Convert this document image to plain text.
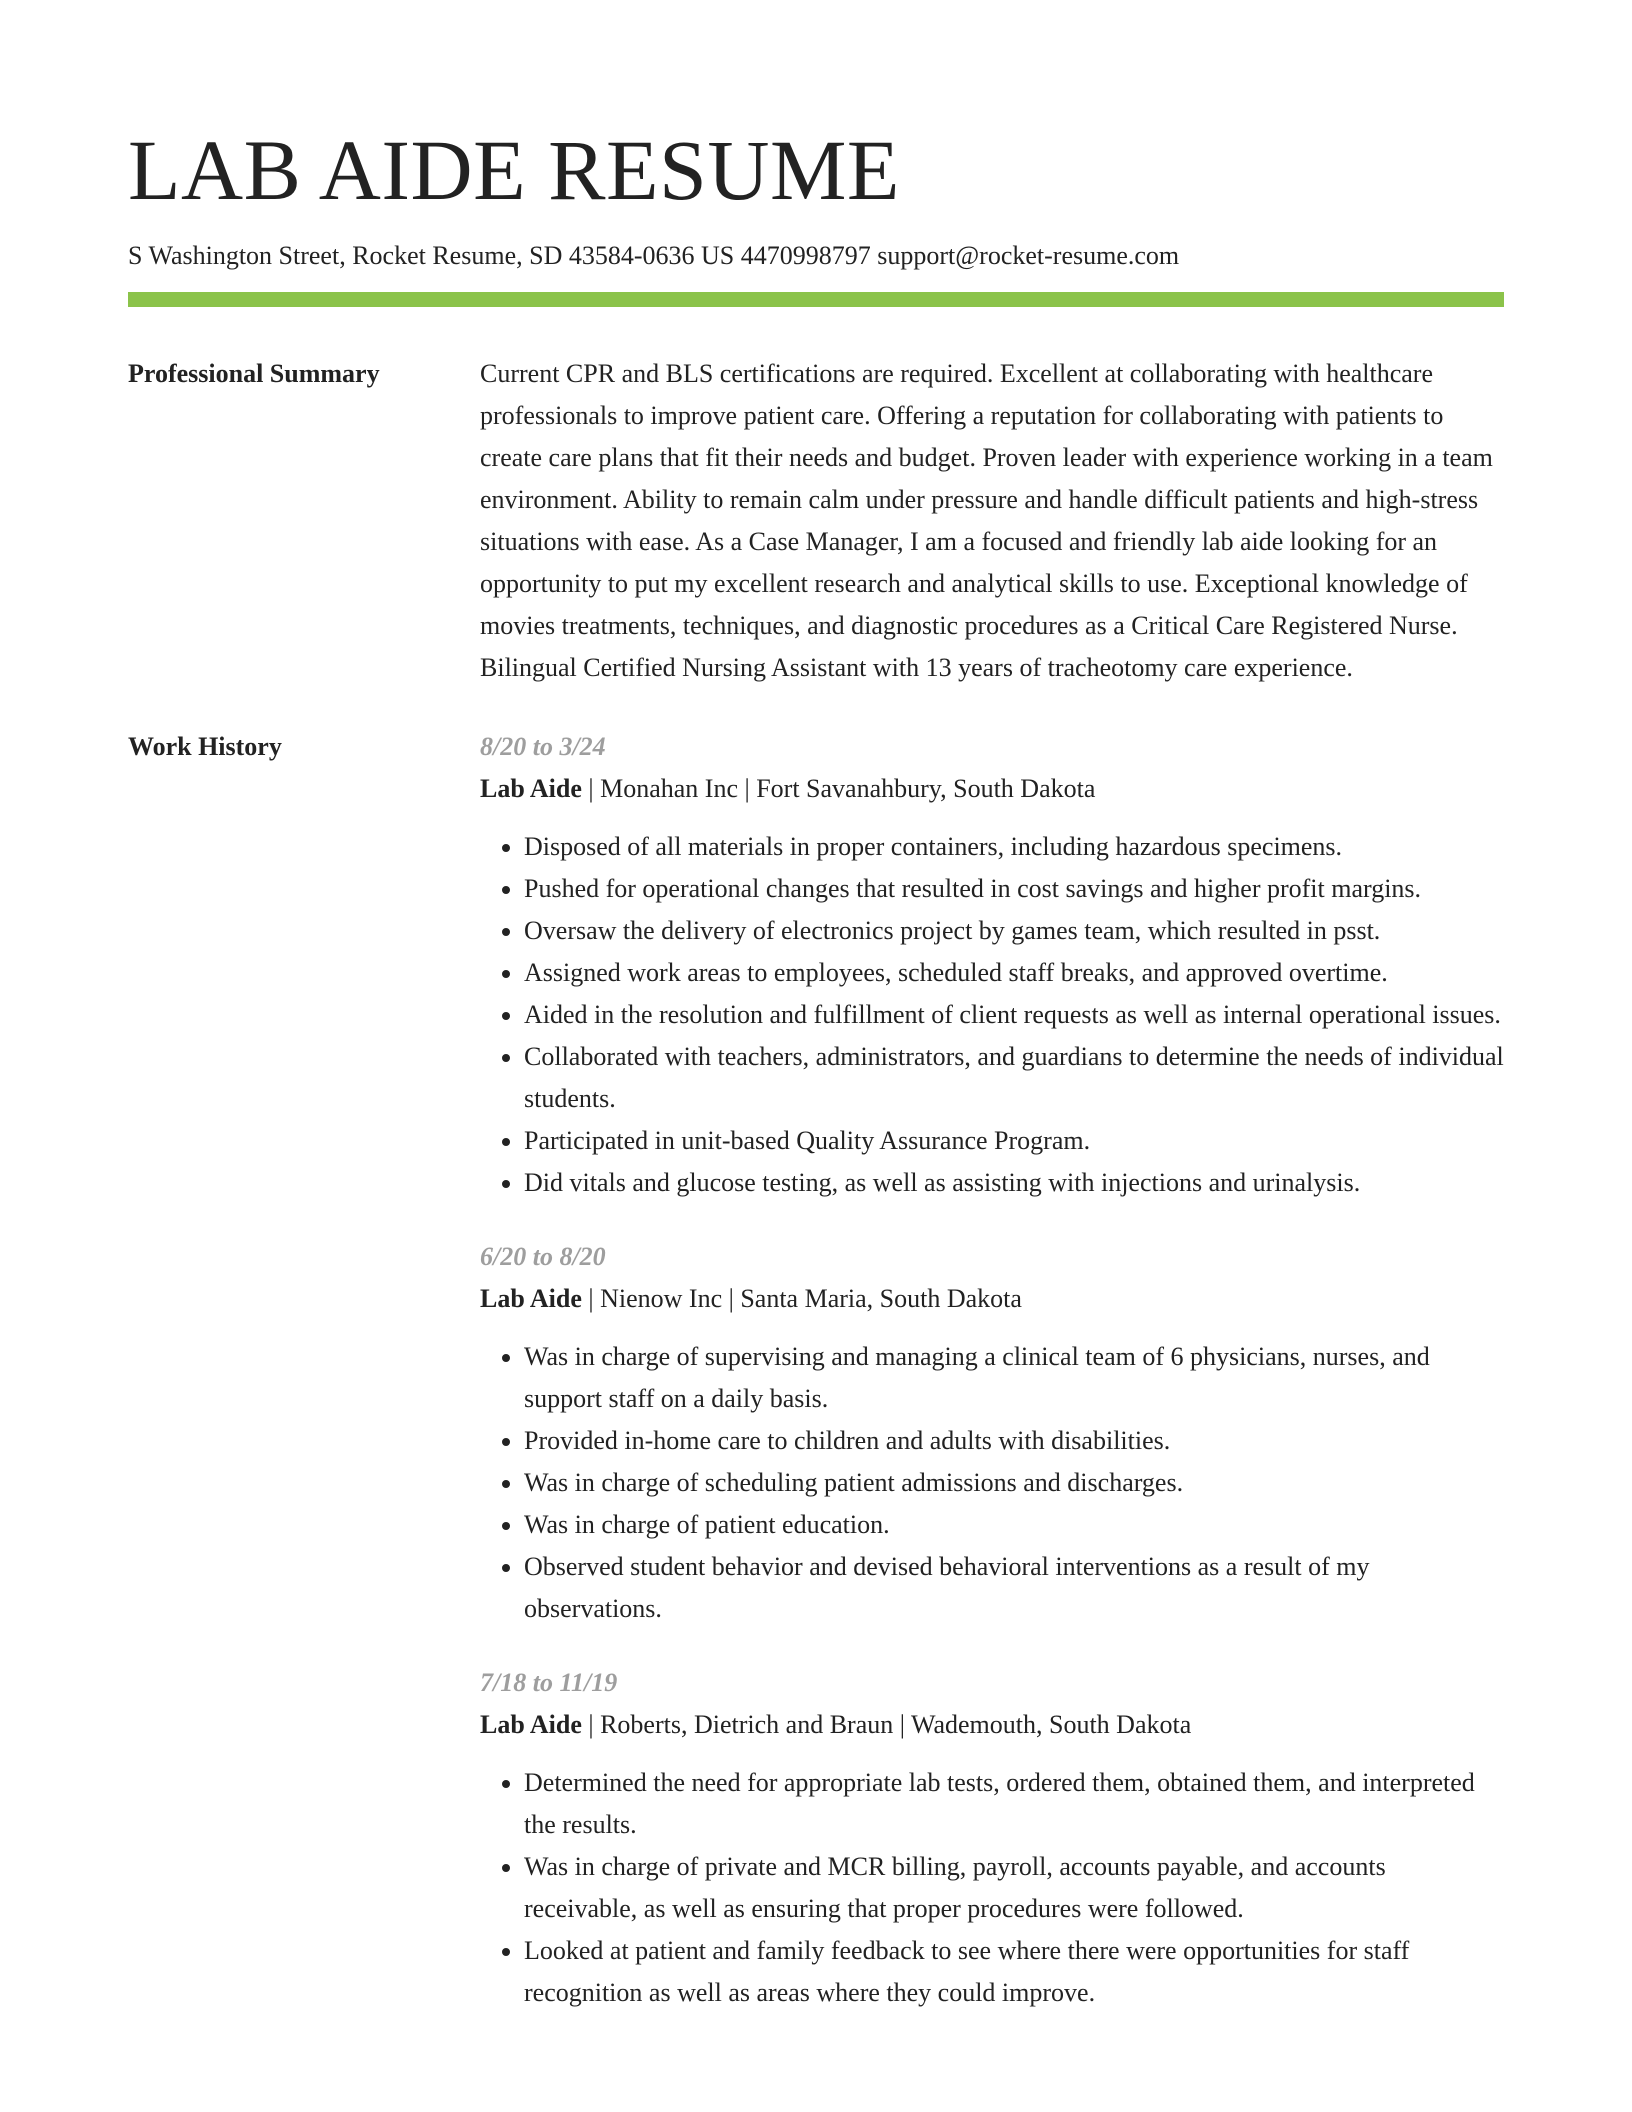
LAB AIDE RESUME
S Washington Street, Rocket Resume, SD 43584-0636 US 4470998797 support@rocket-resume.com
Professional Summary	Current CPR and BLS certifications are required. Excellent at collaborating with healthcare professionals to improve patient care. Offering a reputation for collaborating with patients to create care plans that fit their needs and budget. Proven leader with experience working in a team environment. Ability to remain calm under pressure and handle difficult patients and high-stress situations with ease. As a Case Manager, I am a focused and friendly lab aide looking for an opportunity to put my excellent research and analytical skills to use. Exceptional knowledge of movies treatments, techniques, and diagnostic procedures as a Critical Care Registered Nurse. Bilingual Certified Nursing Assistant with 13 years of tracheotomy care experience.

Work History	8/20 to 3/24
Lab Aide | Monahan Inc | Fort Savanahbury, South Dakota
• Disposed of all materials in proper containers, including hazardous specimens.
• Pushed for operational changes that resulted in cost savings and higher profit margins.
• Oversaw the delivery of electronics project by games team, which resulted in psst.
• Assigned work areas to employees, scheduled staff breaks, and approved overtime.
• Aided in the resolution and fulfillment of client requests as well as internal operational issues.
• Collaborated with teachers, administrators, and guardians to determine the needs of individual students.
• Participated in unit-based Quality Assurance Program.
• Did vitals and glucose testing, as well as assisting with injections and urinalysis.
6/20 to 8/20
Lab Aide | Nienow Inc | Santa Maria, South Dakota
• Was in charge of supervising and managing a clinical team of 6 physicians, nurses, and support staff on a daily basis.
• Provided in-home care to children and adults with disabilities.
• Was in charge of scheduling patient admissions and discharges.
• Was in charge of patient education.
• Observed student behavior and devised behavioral interventions as a result of my observations.
7/18 to 11/19
Lab Aide | Roberts, Dietrich and Braun | Wademouth, South Dakota
• Determined the need for appropriate lab tests, ordered them, obtained them, and interpreted the results.
• Was in charge of private and MCR billing, payroll, accounts payable, and accounts receivable, as well as ensuring that proper procedures were followed.
• Looked at patient and family feedback to see where there were opportunities for staff recognition as well as areas where they could improve.
